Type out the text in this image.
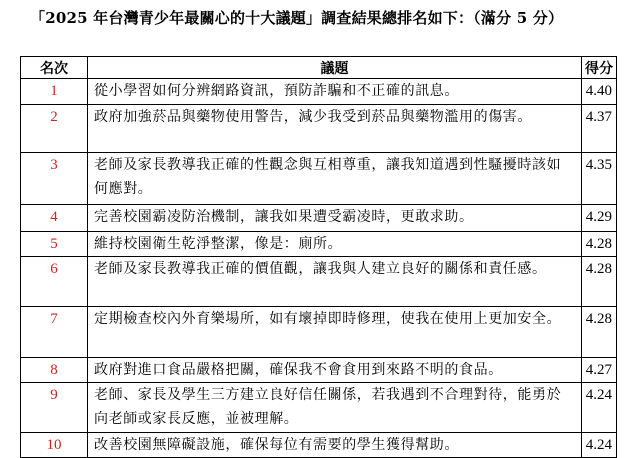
「2025 年台灣青少年最關心的十大議題」調查結果總排名如下：（滿分 5 分）
名次	議題	得分
1	從小學習如何分辨網路資訊，預防詐騙和不正確的訊息。	4.40
2	政府加強菸品與藥物使用警告，減少我受到菸品與藥物濫用的傷害。	4.37
3	老師及家長教導我正確的性觀念與互相尊重，讓我知道遇到性騷擾時該如何應對。	4.35
4	完善校園霸凌防治機制，讓我如果遭受霸凌時，更敢求助。	4.29
5	維持校園衛生乾淨整潔，像是：廁所。	4.28
6	老師及家長教導我正確的價值觀，讓我與人建立良好的關係和責任感。	4.28
7	定期檢查校內外育樂場所，如有壞掉即時修理，使我在使用上更加安全。	4.28
8	政府對進口食品嚴格把關，確保我不會食用到來路不明的食品。	4.27
9	老師、家長及學生三方建立良好信任關係，若我遇到不合理對待，能勇於向老師或家長反應，並被理解。	4.24
10	改善校園無障礙設施，確保每位有需要的學生獲得幫助。	4.24
